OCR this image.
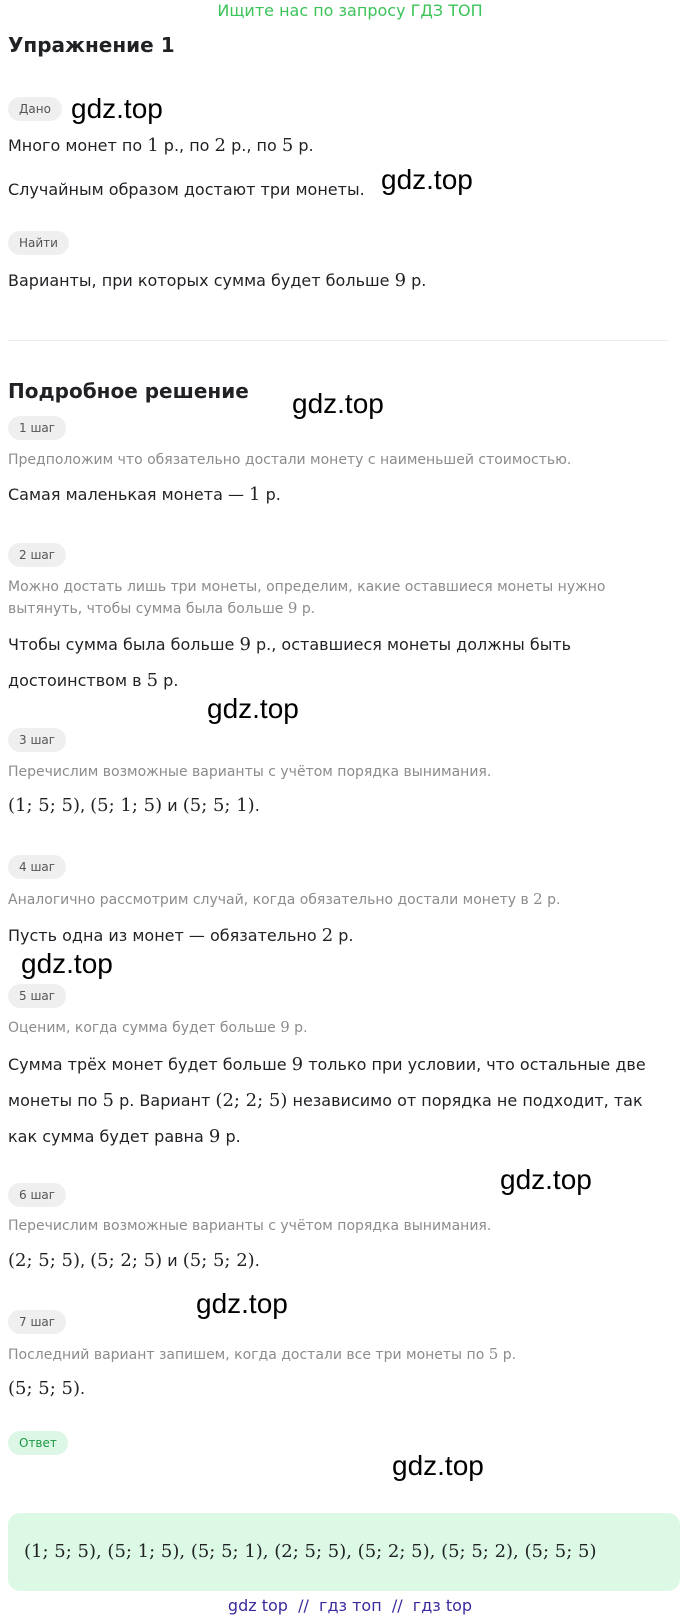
Ищите нас по запросу ГДЗ ТОП
Упражнение 1
Дано
Много монет по 1 р., по 2 р., по 5 р.
Случайным образом достают три монеты.
Найти
Варианты, при которых сумма будет больше 9 р.
Подробное решение
1 шаг
Предположим что обязательно достали монету с наименьшей стоимостью.
Самая маленькая монета — 1 р.
2 шаг
Можно достать лишь три монеты, определим, какие оставшиеся монеты нужно вытянуть, чтобы сумма была больше 9 р.
Чтобы сумма была больше 9 р., оставшиеся монеты должны быть достоинством в 5 р.
3 шаг
Перечислим возможные варианты с учётом порядка вынимания.
(1; 5; 5), (5; 1; 5) и (5; 5; 1).
4 шаг
Аналогично рассмотрим случай, когда обязательно достали монету в 2 р.
Пусть одна из монет — обязательно 2 р.
5 шаг
Оценим, когда сумма будет больше 9 р.
Сумма трёх монет будет больше 9 только при условии, что остальные две монеты по 5 р. Вариант (2; 2; 5) независимо от порядка не подходит, так как сумма будет равна 9 р.
6 шаг
Перечислим возможные варианты с учётом порядка вынимания.
(2; 5; 5), (5; 2; 5) и (5; 5; 2).
7 шаг
Последний вариант запишем, когда достали все три монеты по 5 р.
(5; 5; 5).
Ответ
(1; 5; 5), (5; 1; 5), (5; 5; 1), (2; 5; 5), (5; 2; 5), (5; 5; 2), (5; 5; 5)
gdz.top
gdz.top
gdz.top
gdz.top
gdz.top
gdz.top
gdz.top
gdz.top
gdz top  //  гдз топ  //  гдз top
